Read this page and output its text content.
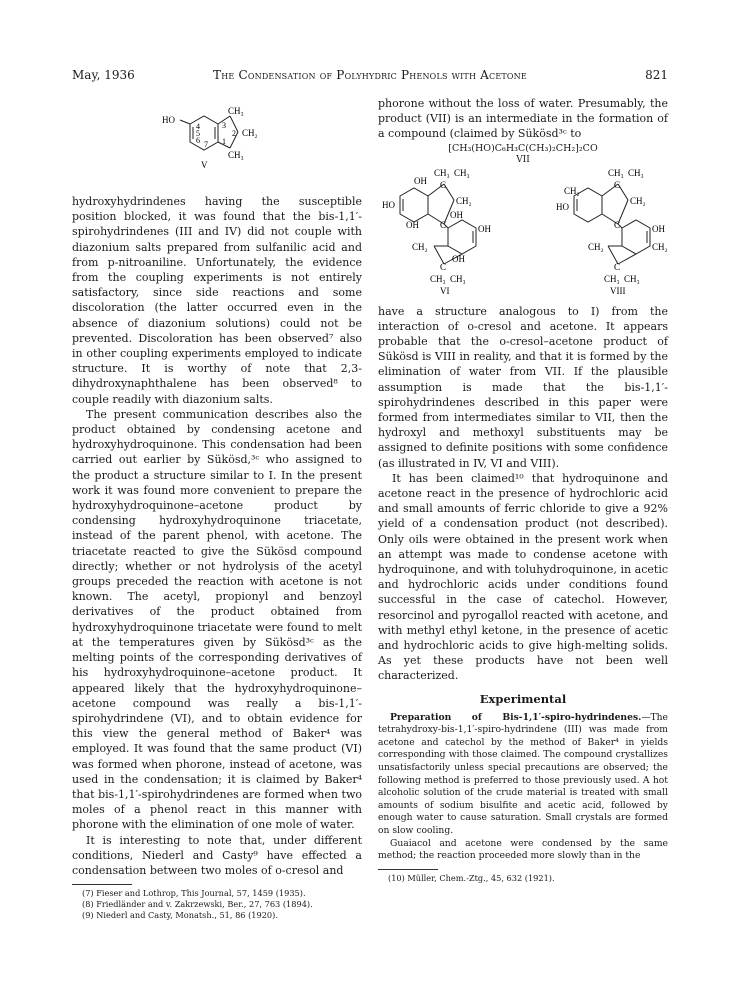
May, 1936	The Condensation of Polyhydric Phenols with Acetone	821
HO
CH₃
CH₂
CH₃
3
2
1
4
5
6 7
V

hydroxyhydrindenes having the susceptible position blocked, it was found that the bis-1,1′-spirohydrindenes (III and IV) did not couple with diazonium salts prepared from sulfanilic acid and from p-nitroaniline. Unfortunately, the evidence from the coupling experiments is not entirely satisfactory, since side reactions and some discoloration (the latter occurred even in the absence of diazonium solutions) could not be prevented. Discoloration has been observed⁷ also in other coupling experiments employed to indicate structure. It is worthy of note that 2,3-dihydroxynaphthalene has been observed⁸ to couple readily with diazonium salts.

The present communication describes also the product obtained by condensing acetone and hydroxyhydroquinone. This condensation had been carried out earlier by Sükösd,³ᶜ who assigned to the product a structure similar to I. In the present work it was found more convenient to prepare the hydroxyhydroquinone–acetone product by condensing hydroxyhydroquinone triacetate, instead of the parent phenol, with acetone. The triacetate reacted to give the Sükösd compound directly; whether or not hydrolysis of the acetyl groups preceded the reaction with acetone is not known. The acetyl, propionyl and benzoyl derivatives of the product obtained from hydroxyhydroquinone triacetate were found to melt at the temperatures given by Sükösd³ᶜ as the melting points of the corresponding derivatives of his hydroxyhydroquinone–acetone product. It appeared likely that the hydroxyhydroquinone–acetone compound was really a bis-1,1′-spirohydrindene (VI), and to obtain evidence for this view the general method of Baker⁴ was employed. It was found that the same product (VI) was formed when phorone, instead of acetone, was used in the condensation; it is claimed by Baker⁴ that bis-1,1′-spirohydrindenes are formed when two moles of a phenol react in this manner with phorone with the elimination of one mole of water.

It is interesting to note that, under different conditions, Niederl and Casty⁹ have effected a condensation between two moles of o-cresol and

(7) Fieser and Lothrop, This Journal, 57, 1459 (1935).

(8) Friedländer and v. Zakrzewski, Ber., 27, 763 (1894).

(9) Niederl and Casty, Monatsh., 51, 86 (1920).

phorone without the loss of water. Presumably, the product (VII) is an intermediate in the formation of a compound (claimed by Sükösd³ᶜ to

[CH₃(HO)C₆H₃C(CH₃)₂CH₂]₂CO
VII
CH₃ CH₃
OH C
CH₂
HO
OH	OH
C
OH
CH₂
C
OH
CH₃ CH₃
VI
CH₃ CH₃
C
CH₂
CH₂
HO
C	OH
CH₂	CH₂
C
CH₃ CH₃
VIII

have a structure analogous to I) from the interaction of o-cresol and acetone. It appears probable that the o-cresol–acetone product of Sükösd is VIII in reality, and that it is formed by the elimination of water from VII. If the plausible assumption is made that the bis-1,1′-spirohydrindenes described in this paper were formed from intermediates similar to VII, then the hydroxyl and methoxyl substituents may be assigned to definite positions with some confidence (as illustrated in IV, VI and VIII).

It has been claimed¹⁰ that hydroquinone and acetone react in the presence of hydrochloric acid and small amounts of ferric chloride to give a 92% yield of a condensation product (not described). Only oils were obtained in the present work when an attempt was made to condense acetone with hydroquinone, and with toluhydroquinone, in acetic and hydrochloric acids under conditions found successful in the case of catechol. However, resorcinol and pyrogallol reacted with acetone, and with methyl ethyl ketone, in the presence of acetic and hydrochloric acids to give high-melting solids. As yet these products have not been well characterized.

Experimental

Preparation of Bis-1,1′-spiro-hydrindenes.—The tetrahydroxy-bis-1,1′-spiro-hydrindene (III) was made from acetone and catechol by the method of Baker⁴ in yields corresponding with those claimed. The compound crystallizes unsatisfactorily unless special precautions are observed; the following method is preferred to those previously used. A hot alcoholic solution of the crude material is treated with small amounts of sodium bisulfite and acetic acid, followed by enough water to cause saturation. Small crystals are formed on slow cooling.

Guaiacol and acetone were condensed by the same method; the reaction proceeded more slowly than in the

(10) Müller, Chem.-Ztg., 45, 632 (1921).
